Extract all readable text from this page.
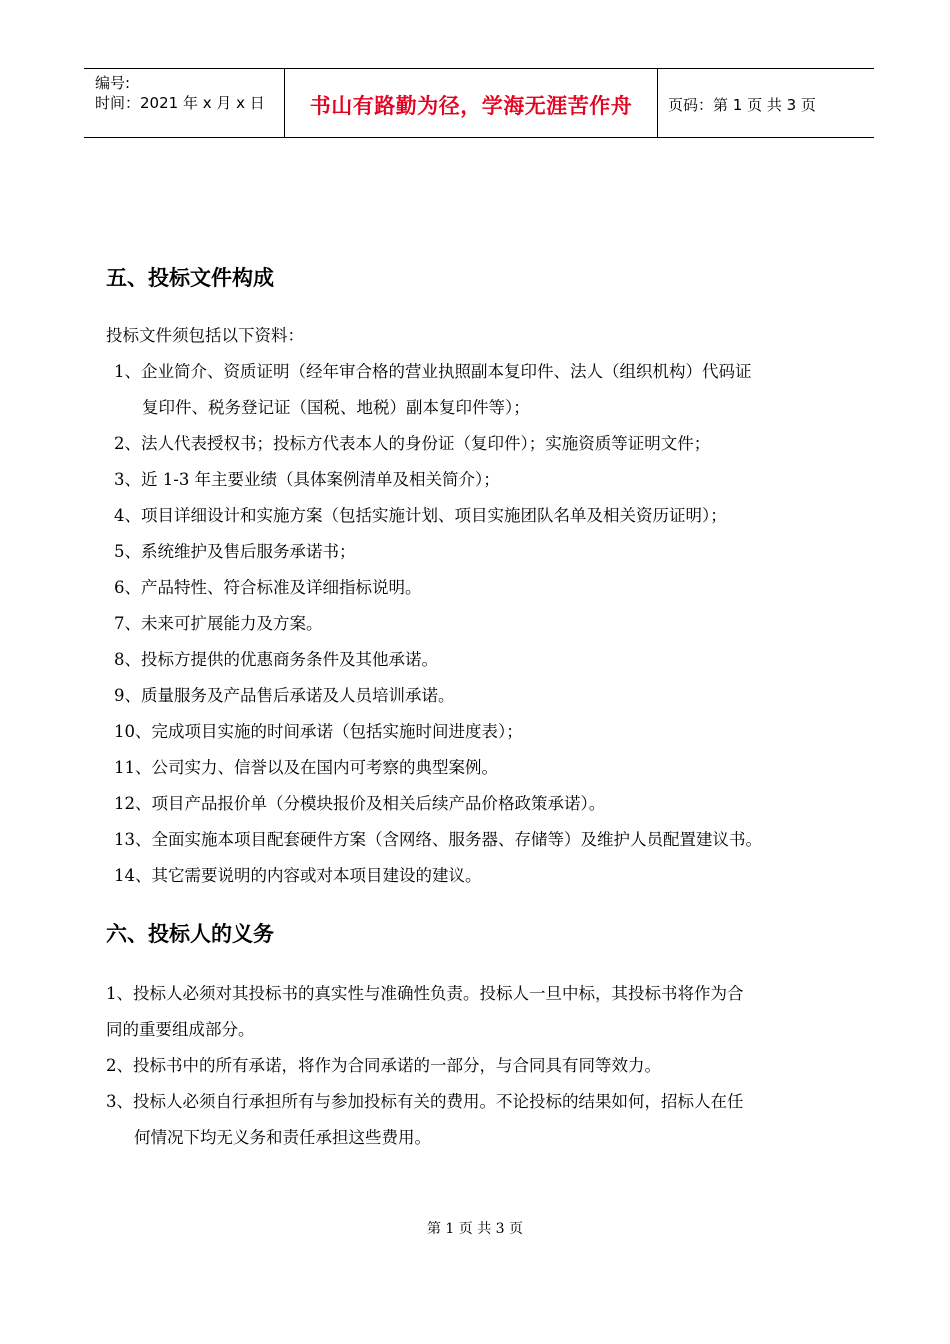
编号:
时间：2021 年 x 月 x 日	书山有路勤为径，学海无涯苦作舟	页码：第 1 页 共 3 页
五、投标文件构成
投标文件须包括以下资料：
1、企业简介、资质证明（经年审合格的营业执照副本复印件、法人（组织机构）代码证
复印件、税务登记证（国税、地税）副本复印件等）；
2、法人代表授权书；投标方代表本人的身份证（复印件）；实施资质等证明文件；
3、近 1-3 年主要业绩（具体案例清单及相关简介）；
4、项目详细设计和实施方案（包括实施计划、项目实施团队名单及相关资历证明）；
5、系统维护及售后服务承诺书；
6、产品特性、符合标准及详细指标说明。
7、未来可扩展能力及方案。
8、投标方提供的优惠商务条件及其他承诺。
9、质量服务及产品售后承诺及人员培训承诺。
10、完成项目实施的时间承诺（包括实施时间进度表）；
11、公司实力、信誉以及在国内可考察的典型案例。
12、项目产品报价单（分模块报价及相关后续产品价格政策承诺）。
13、全面实施本项目配套硬件方案（含网络、服务器、存储等）及维护人员配置建议书。
14、其它需要说明的内容或对本项目建设的建议。
六、投标人的义务
1、投标人必须对其投标书的真实性与准确性负责。投标人一旦中标，其投标书将作为合
同的重要组成部分。
2、投标书中的所有承诺，将作为合同承诺的一部分，与合同具有同等效力。
3、投标人必须自行承担所有与参加投标有关的费用。不论投标的结果如何，招标人在任
何情况下均无义务和责任承担这些费用。
第 1 页 共 3 页
